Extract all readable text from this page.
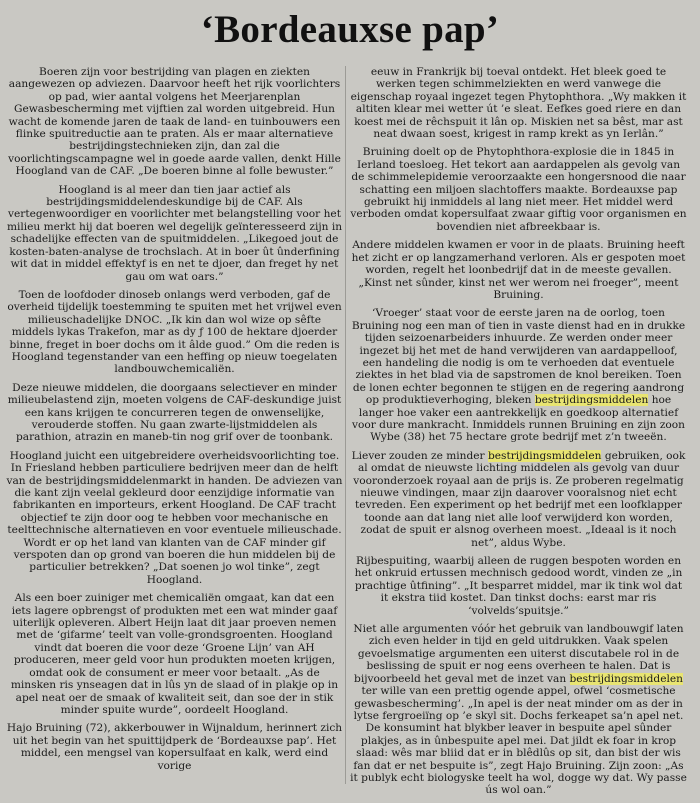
‘Bordeauxse pap’

Boeren zijn voor bestrijding van plagen en ziekten aangewezen op adviezen. Daarvoor heeft het rijk voorlichters op pad, wier aantal volgens het Meerjarenplan Gewasbescherming met vijftien zal worden uitgebreid. Hun wacht de komende jaren de taak de land- en tuinbouwers een flinke spuitreductie aan te praten. Als er maar alternatieve bestrijdingstechnieken zijn, dan zal die voorlichtingscampagne wel in goede aarde vallen, denkt Hille Hoogland van de CAF. „De boeren binne al folle bewuster.”

Hoogland is al meer dan tien jaar actief als bestrijdingsmiddelendeskundige bij de CAF. Als vertegenwoordiger en voorlichter met belangstelling voor het milieu merkt hij dat boeren wel degelijk geïnteresseerd zijn in schadelijke effecten van de spuitmiddelen. „Likegoed jout de kosten-baten-analyse de trochslach. At in boer ût ûnderfining wit dat in middel effektyf is en net te djoer, dan freget hy net gau om wat oars.”

Toen de loofdoder dinoseb onlangs werd verboden, gaf de overheid tijdelijk toestemming te spuiten met het vrijwel even milieuschadelijke DNOC. „Ik kin dan wol wize op sêfte middels lykas Trakefon, mar as dy ƒ 100 de hektare djoerder binne, freget in boer dochs om it âlde guod.” Om die reden is Hoogland tegenstander van een heffing op nieuw toegelaten landbouwchemicaliën.

Deze nieuwe middelen, die doorgaans selectiever en minder milieubelastend zijn, moeten volgens de CAF-deskundige juist een kans krijgen te concurreren tegen de onwenselijke, verouderde stoffen. Nu gaan zwarte-lijstmiddelen als parathion, atrazin en maneb-tin nog grif over de toonbank.

Hoogland juicht een uitgebreidere overheidsvoorlichting toe. In Friesland hebben particuliere bedrijven meer dan de helft van de bestrijdingsmiddelenmarkt in handen. De adviezen van die kant zijn veelal gekleurd door eenzijdige informatie van fabrikanten en importeurs, erkent Hoogland. De CAF tracht objectief te zijn door oog te hebben voor mechanische en teelttechnische alternatieven en voor eventuele milieuschade. Wordt er op het land van klanten van de CAF minder gif verspoten dan op grond van boeren die hun middelen bij de particulier betrekken? „Dat soenen jo wol tinke”, zegt Hoogland.

Als een boer zuiniger met chemicaliën omgaat, kan dat een iets lagere opbrengst of produkten met een wat minder gaaf uiterlijk opleveren. Albert Heijn laat dit jaar proeven nemen met de ‘gifarme’ teelt van volle-grondsgroenten. Hoogland vindt dat boeren die voor deze ‘Groene Lijn’ van AH produceren, meer geld voor hun produkten moeten krijgen, omdat ook de consument er meer voor betaalt. „As de minsken ris ynseagen dat in lûs yn de slaad of in plakje op in apel neat oer de smaak of kwaliteit seit, dan soe der in stik minder spuite wurde”, oordeelt Hoogland.

Hajo Bruining (72), akkerbouwer in Wijnaldum, herinnert zich uit het begin van het spuittijdperk de ‘Bordeauxse pap’. Het middel, een mengsel van kopersulfaat en kalk, werd eind vorige

eeuw in Frankrijk bij toeval ontdekt. Het bleek goed te werken tegen schimmelziekten en werd vanwege die eigenschap royaal ingezet tegen Phytophthora. „Wy makken it altiten klear mei wetter út ’e sleat. Eefkes goed riere en dan koest mei de rêchspuit it lân op. Miskien net sa bêst, mar ast neat dwaan soest, krigest in ramp krekt as yn Ierlân.”

Bruining doelt op de Phytophthora-explosie die in 1845 in Ierland toesloeg. Het tekort aan aardappelen als gevolg van de schimmelepidemie veroorzaakte een hongersnood die naar schatting een miljoen slachtoffers maakte. Bordeauxse pap gebruikt hij inmiddels al lang niet meer. Het middel werd verboden omdat kopersulfaat zwaar giftig voor organismen en bovendien niet afbreekbaar is.

Andere middelen kwamen er voor in de plaats. Bruining heeft het zicht er op langzamerhand verloren. Als er gespoten moet worden, regelt het loonbedrijf dat in de meeste gevallen. „Kinst net sûnder, kinst net wer werom nei froeger”, meent Bruining.

‘Vroeger’ staat voor de eerste jaren na de oorlog, toen Bruining nog een man of tien in vaste dienst had en in drukke tijden seizoenarbeiders inhuurde. Ze werden onder meer ingezet bij het met de hand verwijderen van aardappelloof, een handeling die nodig is om te verhoeden dat eventuele ziektes in het blad via de sapstromen de knol bereiken. Toen de lonen echter begonnen te stijgen en de regering aandrong op produktieverhoging, bleken bestrijdingsmiddelen hoe langer hoe vaker een aantrekkelijk en goedkoop alternatief voor dure mankracht. Inmiddels runnen Bruining en zijn zoon Wybe (38) het 75 hectare grote bedrijf met z’n tweeën.

Liever zouden ze minder bestrijdingsmiddelen gebruiken, ook al omdat de nieuwste lichting middelen als gevolg van duur vooronderzoek royaal aan de prijs is. Ze proberen regelmatig nieuwe vindingen, maar zijn daarover vooralsnog niet echt tevreden. Een experiment op het bedrijf met een loofklapper toonde aan dat lang niet alle loof verwijderd kon worden, zodat de spuit er alsnog overheen moest. „Ideaal is it noch net”, aldus Wybe.

Rijbespuiting, waarbij alleen de ruggen bespoten worden en het onkruid ertussen mechnisch gedood wordt, vinden ze „in prachtige ûtfining”. „It besparret middel, mar ik tink wol dat it ekstra tiid kostet. Dan tinkst dochs: earst mar ris ‘volvelds’spuitsje.”

Niet alle argumenten vóór het gebruik van landbouwgif laten zich even helder in tijd en geld uitdrukken. Vaak spelen gevoelsmatige argumenten een uiterst discutabele rol in de beslissing de spuit er nog eens overheen te halen. Dat is bijvoorbeeld het geval met de inzet van bestrijdingsmiddelen ter wille van een prettig ogende appel, ofwel ‘cosmetische gewasbescherming’. „In apel is der neat minder om as der in lytse fergroeiïng op ’e skyl sit. Dochs ferkeapet sa’n apel net. De konsumint hat blykber leaver in bespuite apel sûnder plakjes, as in ûnbespuite apel mei. Dat jildt ek foar in krop slaad: wês mar bliid dat er in blêdlûs op sit, dan bist der wis fan dat er net bespuite is”, zegt Hajo Bruining. Zijn zoon: „As it publyk echt biologyske teelt ha wol, dogge wy dat. Wy passe ús wol oan.”
